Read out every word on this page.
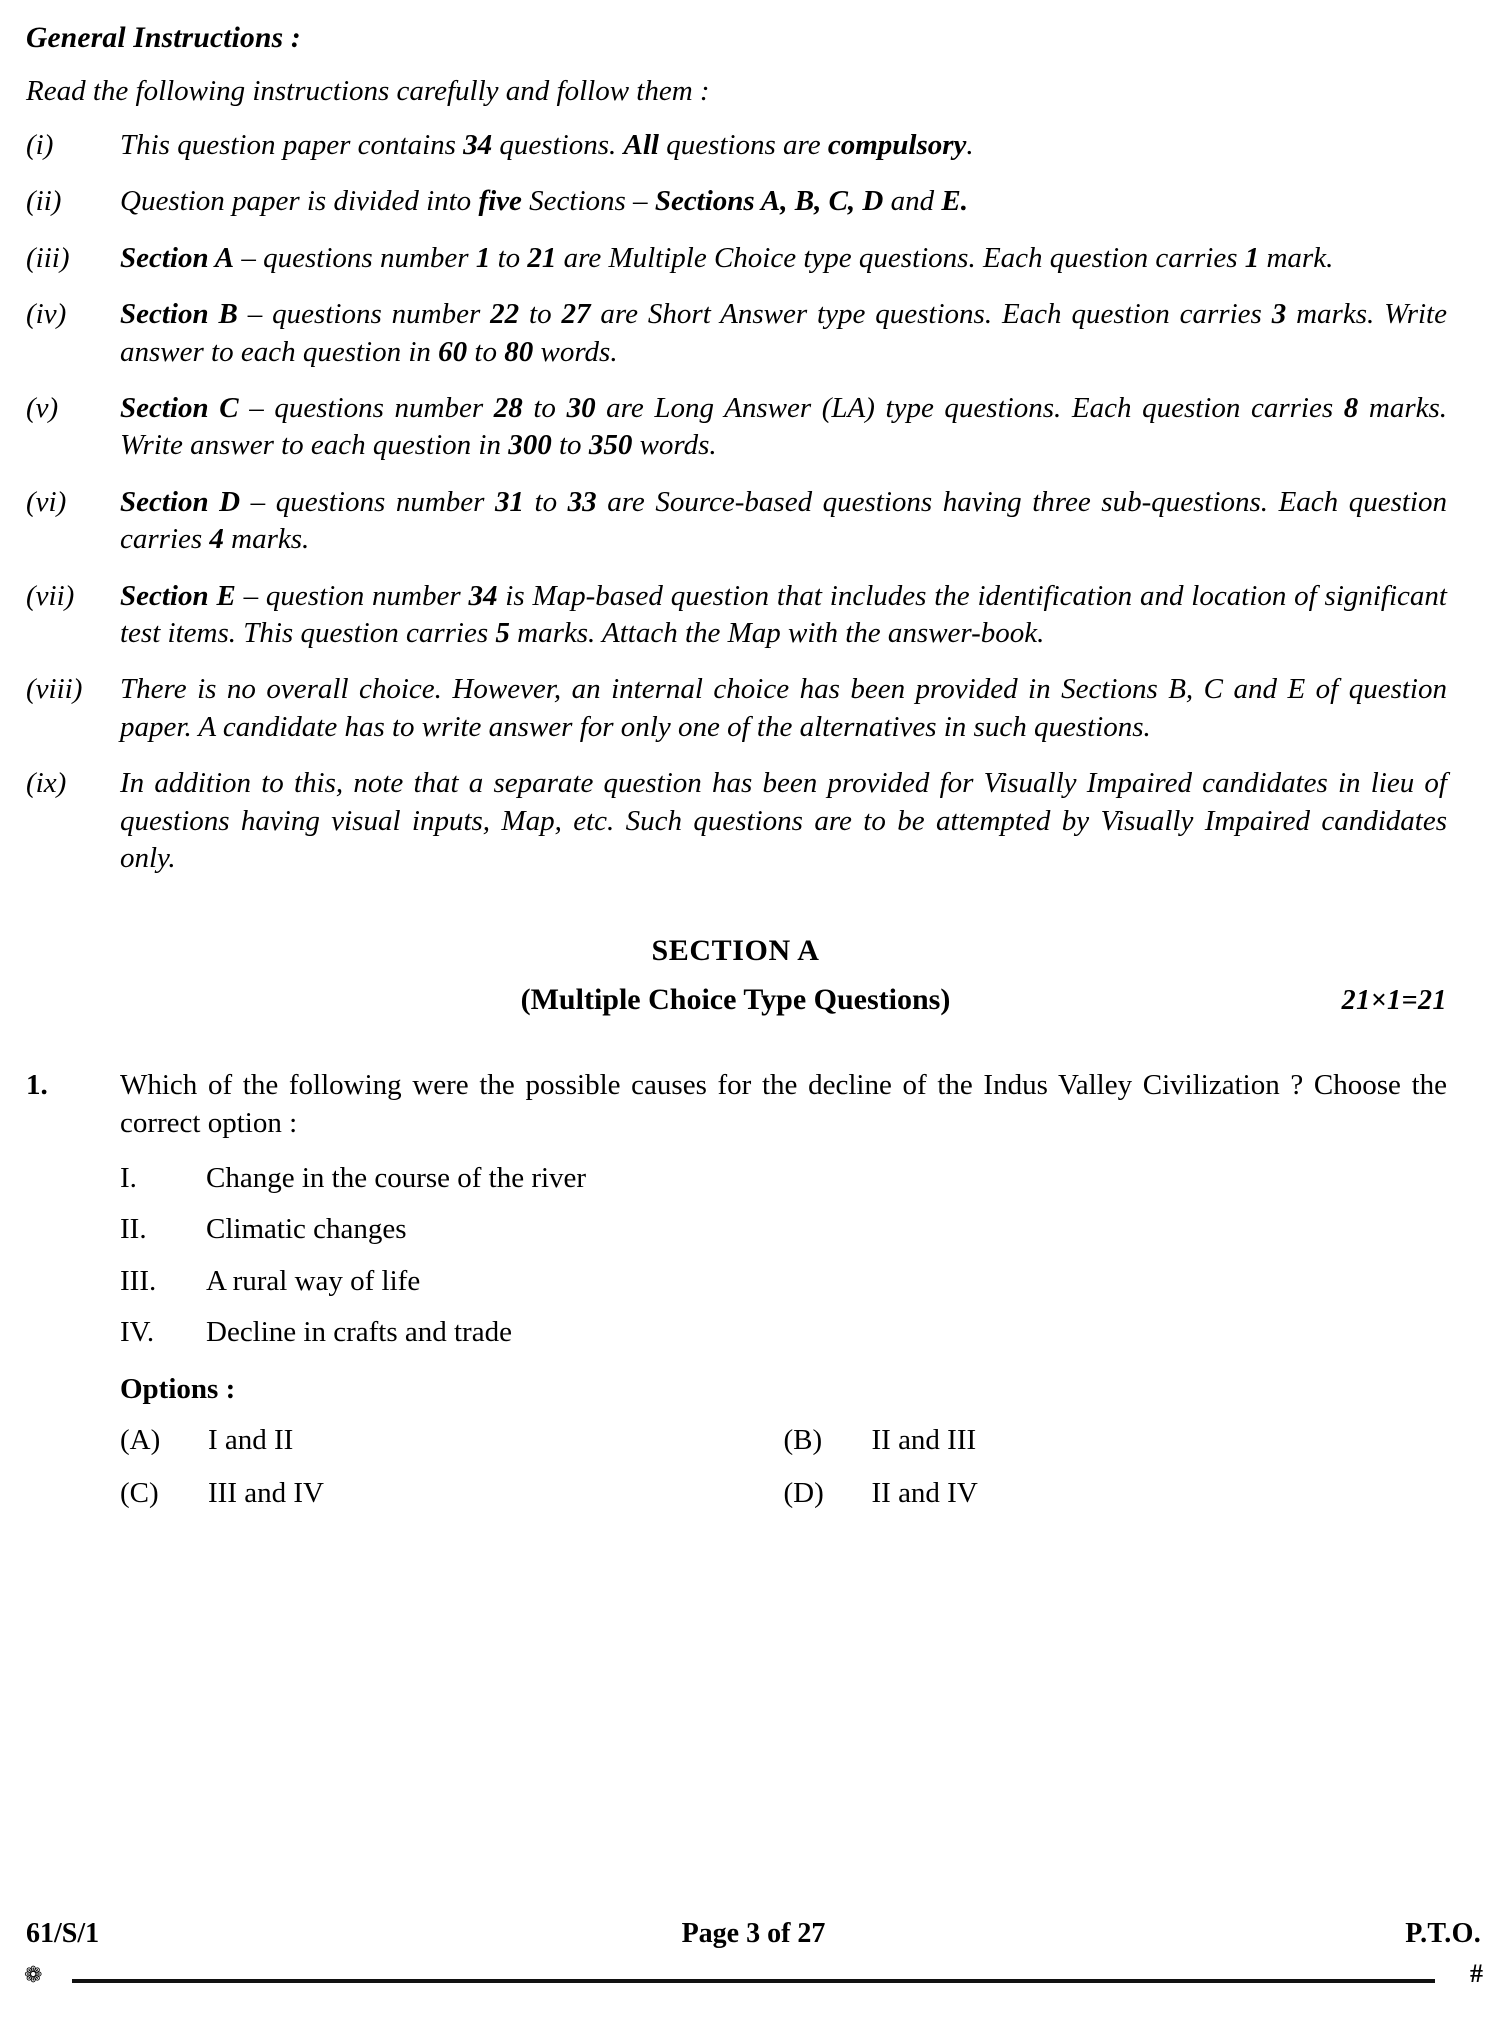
General Instructions :
Read the following instructions carefully and follow them :
(i)	This question paper contains 34 questions. All questions are compulsory.
(ii)	Question paper is divided into five Sections – Sections A, B, C, D and E.
(iii)	Section A – questions number 1 to 21 are Multiple Choice type questions. Each question carries 1 mark.
(iv)	Section B – questions number 22 to 27 are Short Answer type questions. Each question carries 3 marks. Write answer to each question in 60 to 80 words.
(v)	Section C – questions number 28 to 30 are Long Answer (LA) type questions. Each question carries 8 marks. Write answer to each question in 300 to 350 words.
(vi)	Section D – questions number 31 to 33 are Source-based questions having three sub-questions. Each question carries 4 marks.
(vii)	Section E – question number 34 is Map-based question that includes the identification and location of significant test items. This question carries 5 marks. Attach the Map with the answer-book.
(viii)	There is no overall choice. However, an internal choice has been provided in Sections B, C and E of question paper. A candidate has to write answer for only one of the alternatives in such questions.
(ix)	In addition to this, note that a separate question has been provided for Visually Impaired candidates in lieu of questions having visual inputs, Map, etc. Such questions are to be attempted by Visually Impaired candidates only.
SECTION A
(Multiple Choice Type Questions)	21×1=21
1.	Which of the following were the possible causes for the decline of the Indus Valley Civilization ? Choose the correct option :
I.	Change in the course of the river
II.	Climatic changes
III.	A rural way of life
IV.	Decline in crafts and trade
Options :
(A)	I and II	(B)	II and III
(C)	III and IV	(D)	II and IV
61/S/1	Page 3 of 27	P.T.O.
❁	#
